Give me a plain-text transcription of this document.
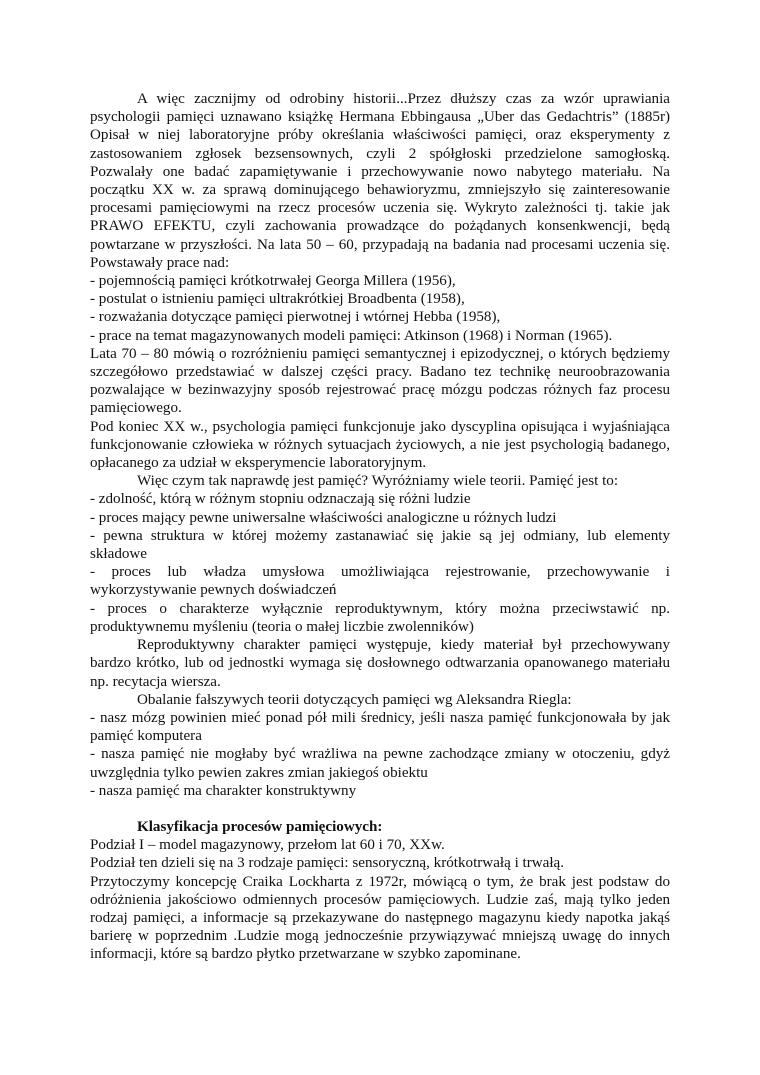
A więc zacznijmy od odrobiny historii...Przez dłuższy czas za wzór uprawiania
psychologii pamięci uznawano książkę Hermana Ebbingausa „Uber das Gedachtris” (1885r)
Opisał w niej laboratoryjne próby określania właściwości pamięci, oraz eksperymenty z
zastosowaniem zgłosek bezsensownych, czyli 2 spółgłoski przedzielone samogłoską.
Pozwalały one badać zapamiętywanie i przechowywanie nowo nabytego materiału. Na
początku XX w. za sprawą dominującego behawioryzmu, zmniejszyło się zainteresowanie
procesami pamięciowymi na rzecz procesów uczenia się. Wykryto zależności tj. takie jak
PRAWO EFEKTU, czyli zachowania prowadzące do pożądanych konsenkwencji, będą
powtarzane w przyszłości. Na lata 50 – 60, przypadają na badania nad procesami uczenia się.
Powstawały prace nad:
- pojemnością pamięci krótkotrwałej Georga Millera (1956),
- postulat o istnieniu pamięci ultrakrótkiej Broadbenta (1958),
- rozważania dotyczące pamięci pierwotnej i wtórnej Hebba (1958),
- prace na temat magazynowanych modeli pamięci: Atkinson (1968) i Norman (1965).
Lata 70 – 80 mówią o rozróżnieniu pamięci semantycznej i epizodycznej, o których będziemy
szczegółowo przedstawiać w dalszej części pracy. Badano tez technikę neuroobrazowania
pozwalające w bezinwazyjny sposób rejestrować pracę mózgu podczas różnych faz procesu
pamięciowego.
Pod koniec XX w., psychologia pamięci funkcjonuje jako dyscyplina opisująca i wyjaśniająca
funkcjonowanie człowieka w różnych sytuacjach życiowych, a nie jest psychologią badanego,
opłacanego za udział w eksperymencie laboratoryjnym.
Więc czym tak naprawdę jest pamięć? Wyróżniamy wiele teorii. Pamięć jest to:
- zdolność, którą w różnym stopniu odznaczają się różni ludzie
- proces mający pewne uniwersalne właściwości analogiczne u różnych ludzi
- pewna struktura w której możemy zastanawiać się jakie są jej odmiany, lub elementy
składowe
- proces lub władza umysłowa umożliwiająca rejestrowanie, przechowywanie i
wykorzystywanie pewnych doświadczeń
- proces o charakterze wyłącznie reproduktywnym, który można przeciwstawić np.
produktywnemu myśleniu (teoria o małej liczbie zwolenników)
Reproduktywny charakter pamięci występuje, kiedy materiał był przechowywany
bardzo krótko, lub od jednostki wymaga się dosłownego odtwarzania opanowanego materiału
np. recytacja wiersza.
Obalanie fałszywych teorii dotyczących pamięci wg Aleksandra Riegla:
- nasz mózg powinien mieć ponad pół mili średnicy, jeśli nasza pamięć funkcjonowała by jak
pamięć komputera
- nasza pamięć nie mogłaby być wrażliwa na pewne zachodzące zmiany w otoczeniu, gdyż
uwzględnia tylko pewien zakres zmian jakiegoś obiektu
- nasza pamięć ma charakter konstruktywny
Klasyfikacja procesów pamięciowych:
Podział I – model magazynowy, przełom lat 60 i 70, XXw.
Podział ten dzieli się na 3 rodzaje pamięci: sensoryczną, krótkotrwałą i trwałą.
Przytoczymy koncepcję Craika Lockharta z 1972r, mówiącą o tym, że brak jest podstaw do
odróżnienia jakościowo odmiennych procesów pamięciowych. Ludzie zaś, mają tylko jeden
rodzaj pamięci, a informacje są przekazywane do następnego magazynu kiedy napotka jakąś
barierę w poprzednim .Ludzie mogą jednocześnie przywiązywać mniejszą uwagę do innych
informacji, które są bardzo płytko przetwarzane w szybko zapominane.
